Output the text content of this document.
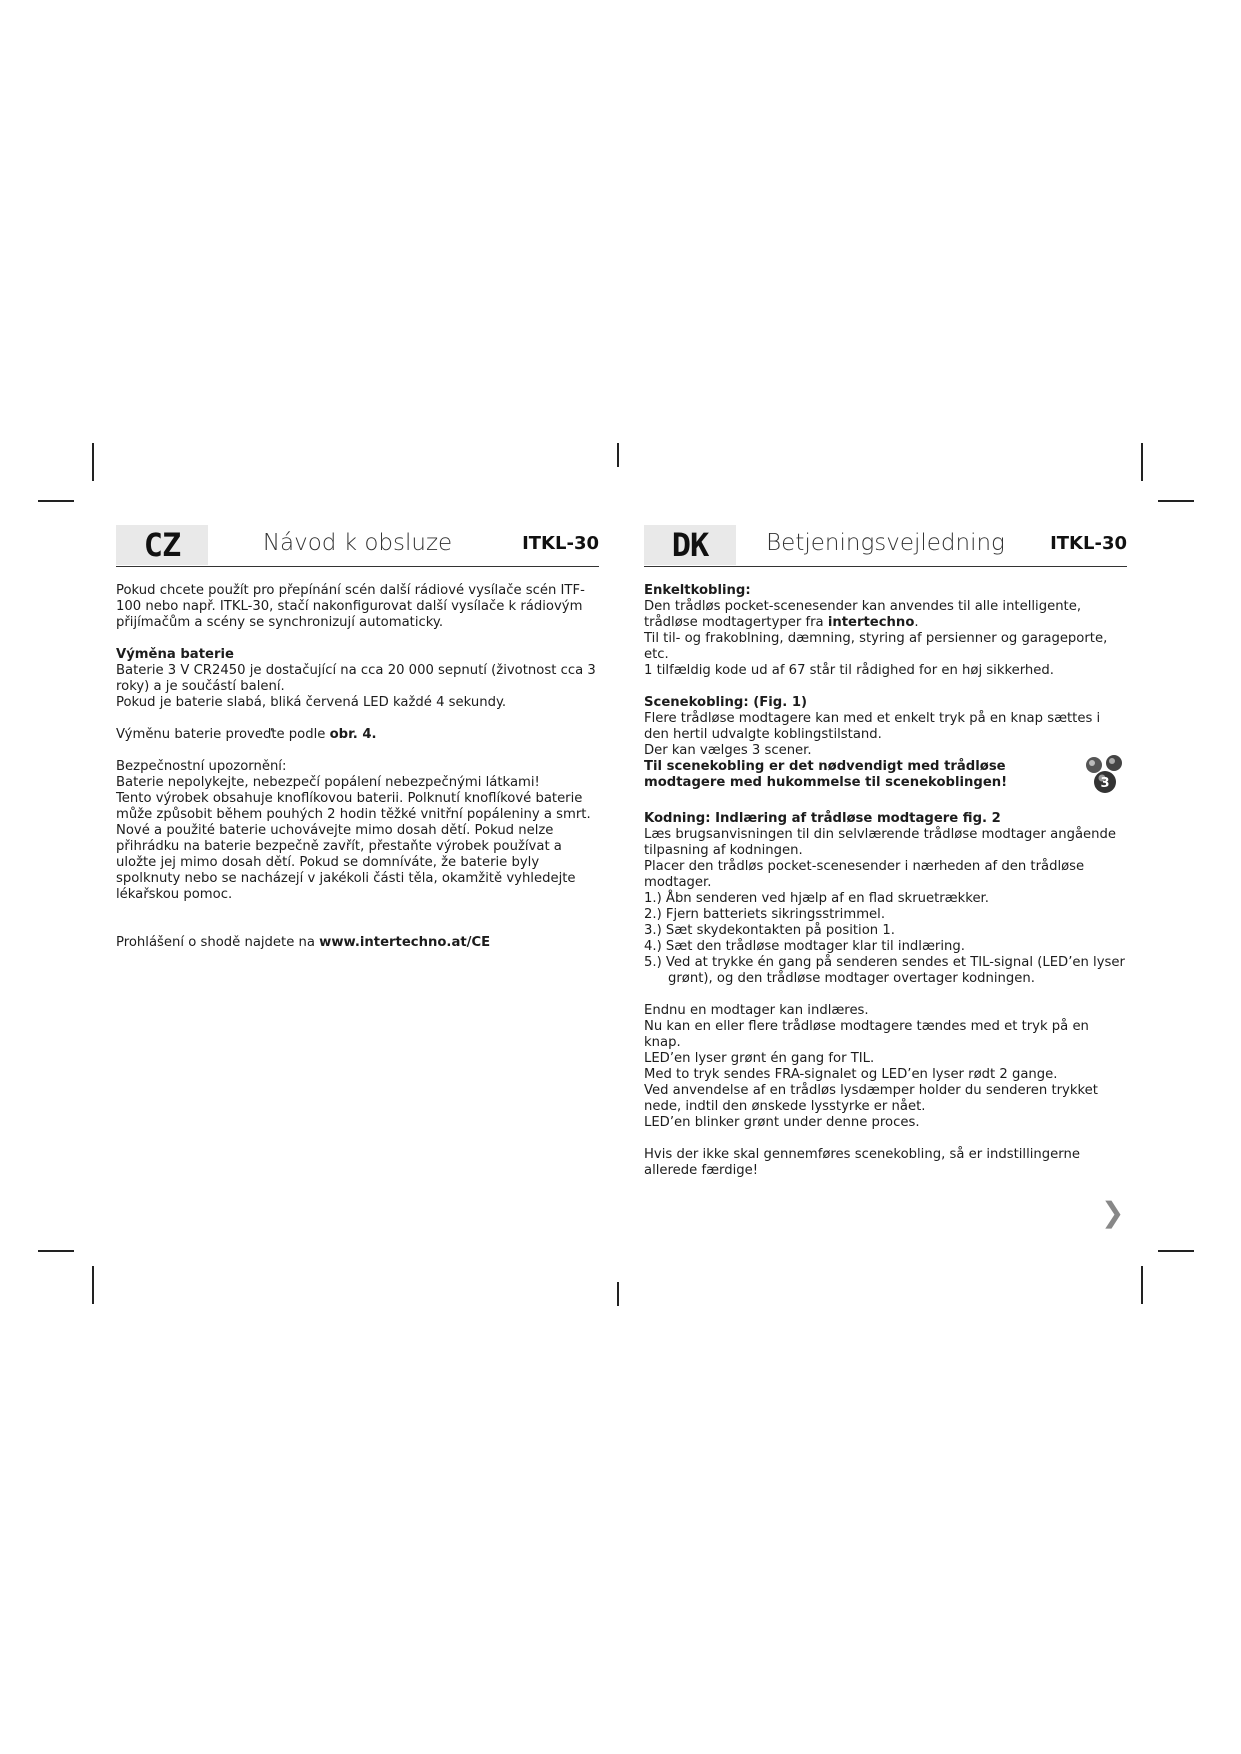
CZ	Návod k obsluze	ITKL-30

Pokud chcete použít pro přepínání scén další rádiové vysílače scén ITF-100 nebo např. ITKL-30, stačí nakonfigurovat další vysílače k rádiovým přijímačům a scény se synchronizují automaticky.

Výměna baterie

Baterie 3 V CR2450 je dostačující na cca 20 000 sepnutí (životnost cca 3 roky) a je součástí balení.

Pokud je baterie slabá, bliká červená LED každé 4 sekundy.

Výměnu baterie proveďte podle obr. 4.

Bezpečnostní upozornění:

Baterie nepolykejte, nebezpečí popálení nebezpečnými látkami!

Tento výrobek obsahuje knoflíkovou baterii. Polknutí knoflíkové baterie může způsobit během pouhých 2 hodin těžké vnitřní popáleniny a smrt. Nové a použité baterie uchovávejte mimo dosah dětí. Pokud nelze přihrádku na baterie bezpečně zavřít, přestaňte výrobek používat a uložte jej mimo dosah dětí. Pokud se domníváte, že baterie byly spolknuty nebo se nacházejí v jakékoli části těla, okamžitě vyhledejte lékařskou pomoc.

Prohlášení o shodě najdete na www.intertechno.at/CE

DK	Betjeningsvejledning	ITKL-30

Enkeltkobling:

Den trådløs pocket-scenesender kan anvendes til alle intelligente, trådløse modtagertyper fra intertechno.

Til til- og frakoblning, dæmning, styring af persienner og garageporte, etc.

1 tilfældig kode ud af 67 står til rådighed for en høj sikkerhed.

Scenekobling: (Fig. 1)

Flere trådløse modtagere kan med et enkelt tryk på en knap sættes i den hertil udvalgte koblingstilstand.

Der kan vælges 3 scener.

Til scenekobling er det nødvendigt med trådløse modtagere med hukommelse til scenekoblingen!	3

Kodning: Indlæring af trådløse modtagere fig. 2

Læs brugsanvisningen til din selvlærende trådløse modtager angående tilpasning af kodningen.

Placer den trådløs pocket-scenesender i nærheden af den trådløse modtager.

1.) Åbn senderen ved hjælp af en flad skruetrækker.
2.) Fjern batteriets sikringsstrimmel.
3.) Sæt skydekontakten på position 1.
4.) Sæt den trådløse modtager klar til indlæring.
5.) Ved at trykke én gang på senderen sendes et TIL-signal (LED’en lyser grønt), og den trådløse modtager overtager kodningen.

Endnu en modtager kan indlæres.

Nu kan en eller flere trådløse modtagere tændes med et tryk på en knap.

LED’en lyser grønt én gang for TIL.

Med to tryk sendes FRA-signalet og LED’en lyser rødt 2 gange.

Ved anvendelse af en trådløs lysdæmper holder du senderen trykket nede, indtil den ønskede lysstyrke er nået.

LED’en blinker grønt under denne proces.

Hvis der ikke skal gennemføres scenekobling, så er indstillingerne allerede færdige!

❯
